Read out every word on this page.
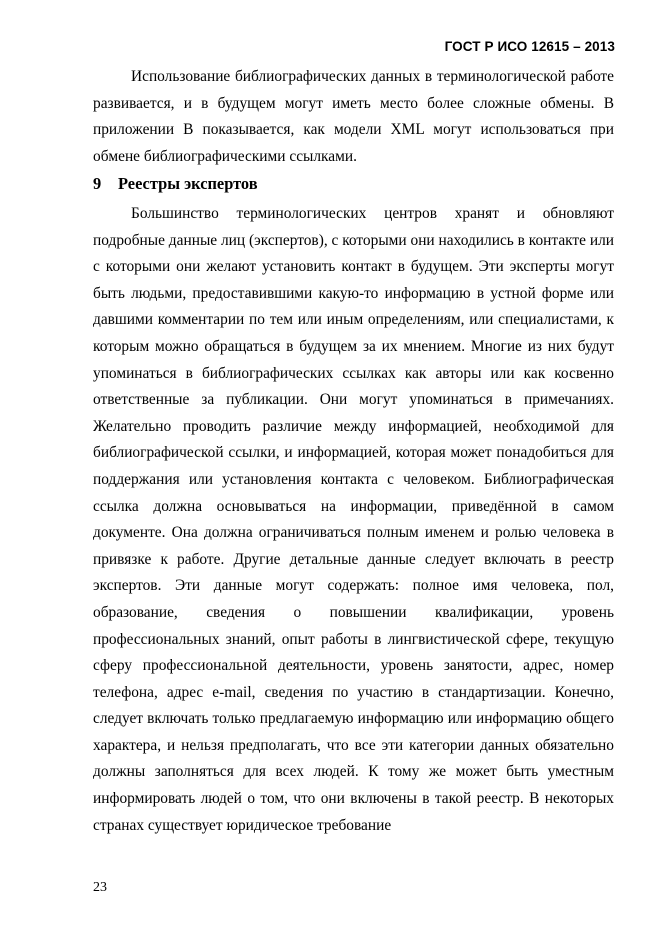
ГОСТ Р ИСО 12615 – 2013

Использование библиографических данных в терминологической работе развивается, и в будущем могут иметь место более сложные обмены. В приложении В показывается, как модели XML могут использоваться при обмене библиографическими ссылками.

9 Реестры экспертов

Большинство терминологических центров хранят и обновляют подробные данные лиц (экспертов), с которыми они находились в контакте или с которыми они желают установить контакт в будущем. Эти эксперты могут быть людьми, предоставившими какую-то информацию в устной форме или давшими комментарии по тем или иным определениям, или специалистами, к которым можно обращаться в будущем за их мнением. Многие из них будут упоминаться в библиографических ссылках как авторы или как косвенно ответственные за публикации. Они могут упоминаться в примечаниях. Желательно проводить различие между информацией, необходимой для библиографической ссылки, и информацией, которая может понадобиться для поддержания или установления контакта с человеком. Библиографическая ссылка должна основываться на информации, приведённой в самом документе. Она должна ограничиваться полным именем и ролью человека в привязке к работе. Другие детальные данные следует включать в реестр экспертов. Эти данные могут содержать: полное имя человека, пол, образование, сведения о повышении квалификации, уровень профессиональных знаний, опыт работы в лингвистической сфере, текущую сферу профессиональной деятельности, уровень занятости, адрес, номер телефона, адрес e-mail, сведения по участию в стандартизации. Конечно, следует включать только предлагаемую информацию или информацию общего характера, и нельзя предполагать, что все эти категории данных обязательно должны заполняться для всех людей. К тому же может быть уместным информировать людей о том, что они включены в такой реестр. В некоторых странах существует юридическое требование

23
